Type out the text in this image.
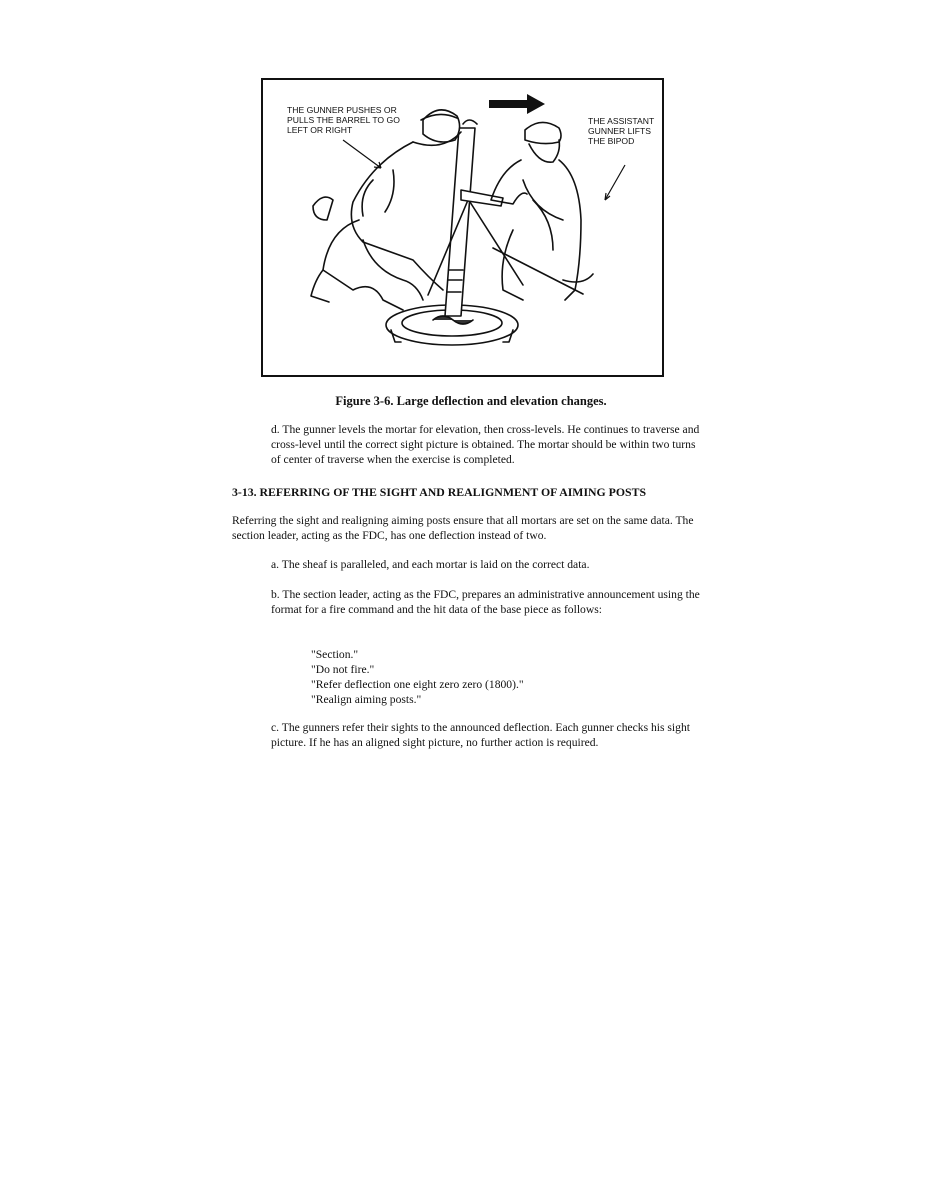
THE GUNNER PUSHES OR PULLS THE BARREL TO GO LEFT OR RIGHT
THE ASSISTANT GUNNER LIFTS THE BIPOD
Figure 3-6. Large deflection and elevation changes.
d. The gunner levels the mortar for elevation, then cross-levels. He continues to traverse and cross-level until the correct sight picture is obtained. The mortar should be within two turns of center of traverse when the exercise is completed.
3-13. REFERRING OF THE SIGHT AND REALIGNMENT OF AIMING POSTS
Referring the sight and realigning aiming posts ensure that all mortars are set on the same data. The section leader, acting as the FDC, has one deflection instead of two.
a. The sheaf is paralleled, and each mortar is laid on the correct data.
b. The section leader, acting as the FDC, prepares an administrative announcement using the format for a fire command and the hit data of the base piece as follows:
"Section."
"Do not fire."
"Refer deflection one eight zero zero (1800)."
"Realign aiming posts."
c. The gunners refer their sights to the announced deflection. Each gunner checks his sight picture. If he has an aligned sight picture, no further action is required.
